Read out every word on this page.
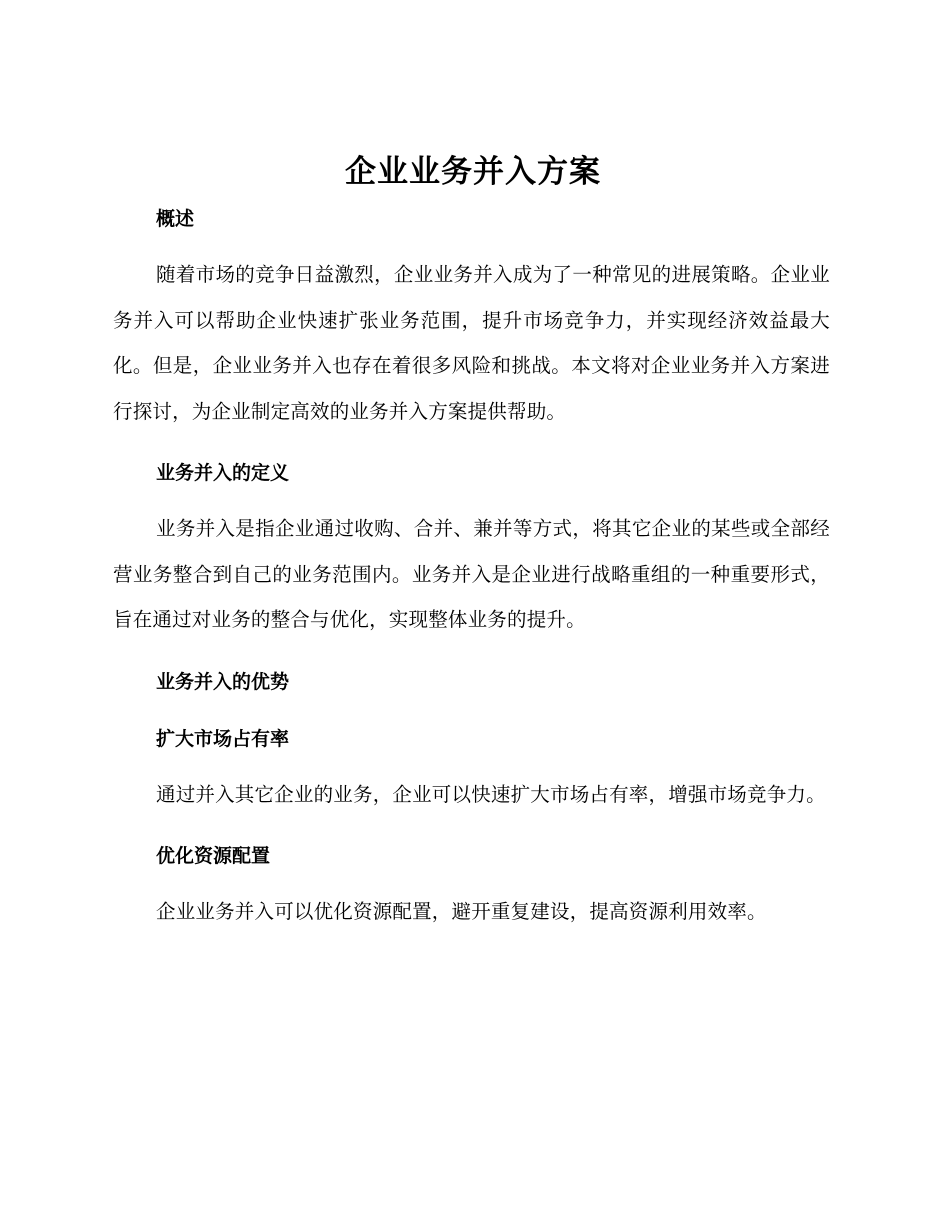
企业业务并入方案
概述

随着市场的竞争日益激烈，企业业务并入成为了一种常见的进展策略。企业业务并入可以帮助企业快速扩张业务范围，提升市场竞争力，并实现经济效益最大化。但是，企业业务并入也存在着很多风险和挑战。本文将对企业业务并入方案进行探讨，为企业制定高效的业务并入方案提供帮助。

业务并入的定义

业务并入是指企业通过收购、合并、兼并等方式，将其它企业的某些或全部经营业务整合到自己的业务范围内。业务并入是企业进行战略重组的一种重要形式，旨在通过对业务的整合与优化，实现整体业务的提升。

业务并入的优势
扩大市场占有率

通过并入其它企业的业务，企业可以快速扩大市场占有率，增强市场竞争力。

优化资源配置

企业业务并入可以优化资源配置，避开重复建设，提高资源利用效率。
